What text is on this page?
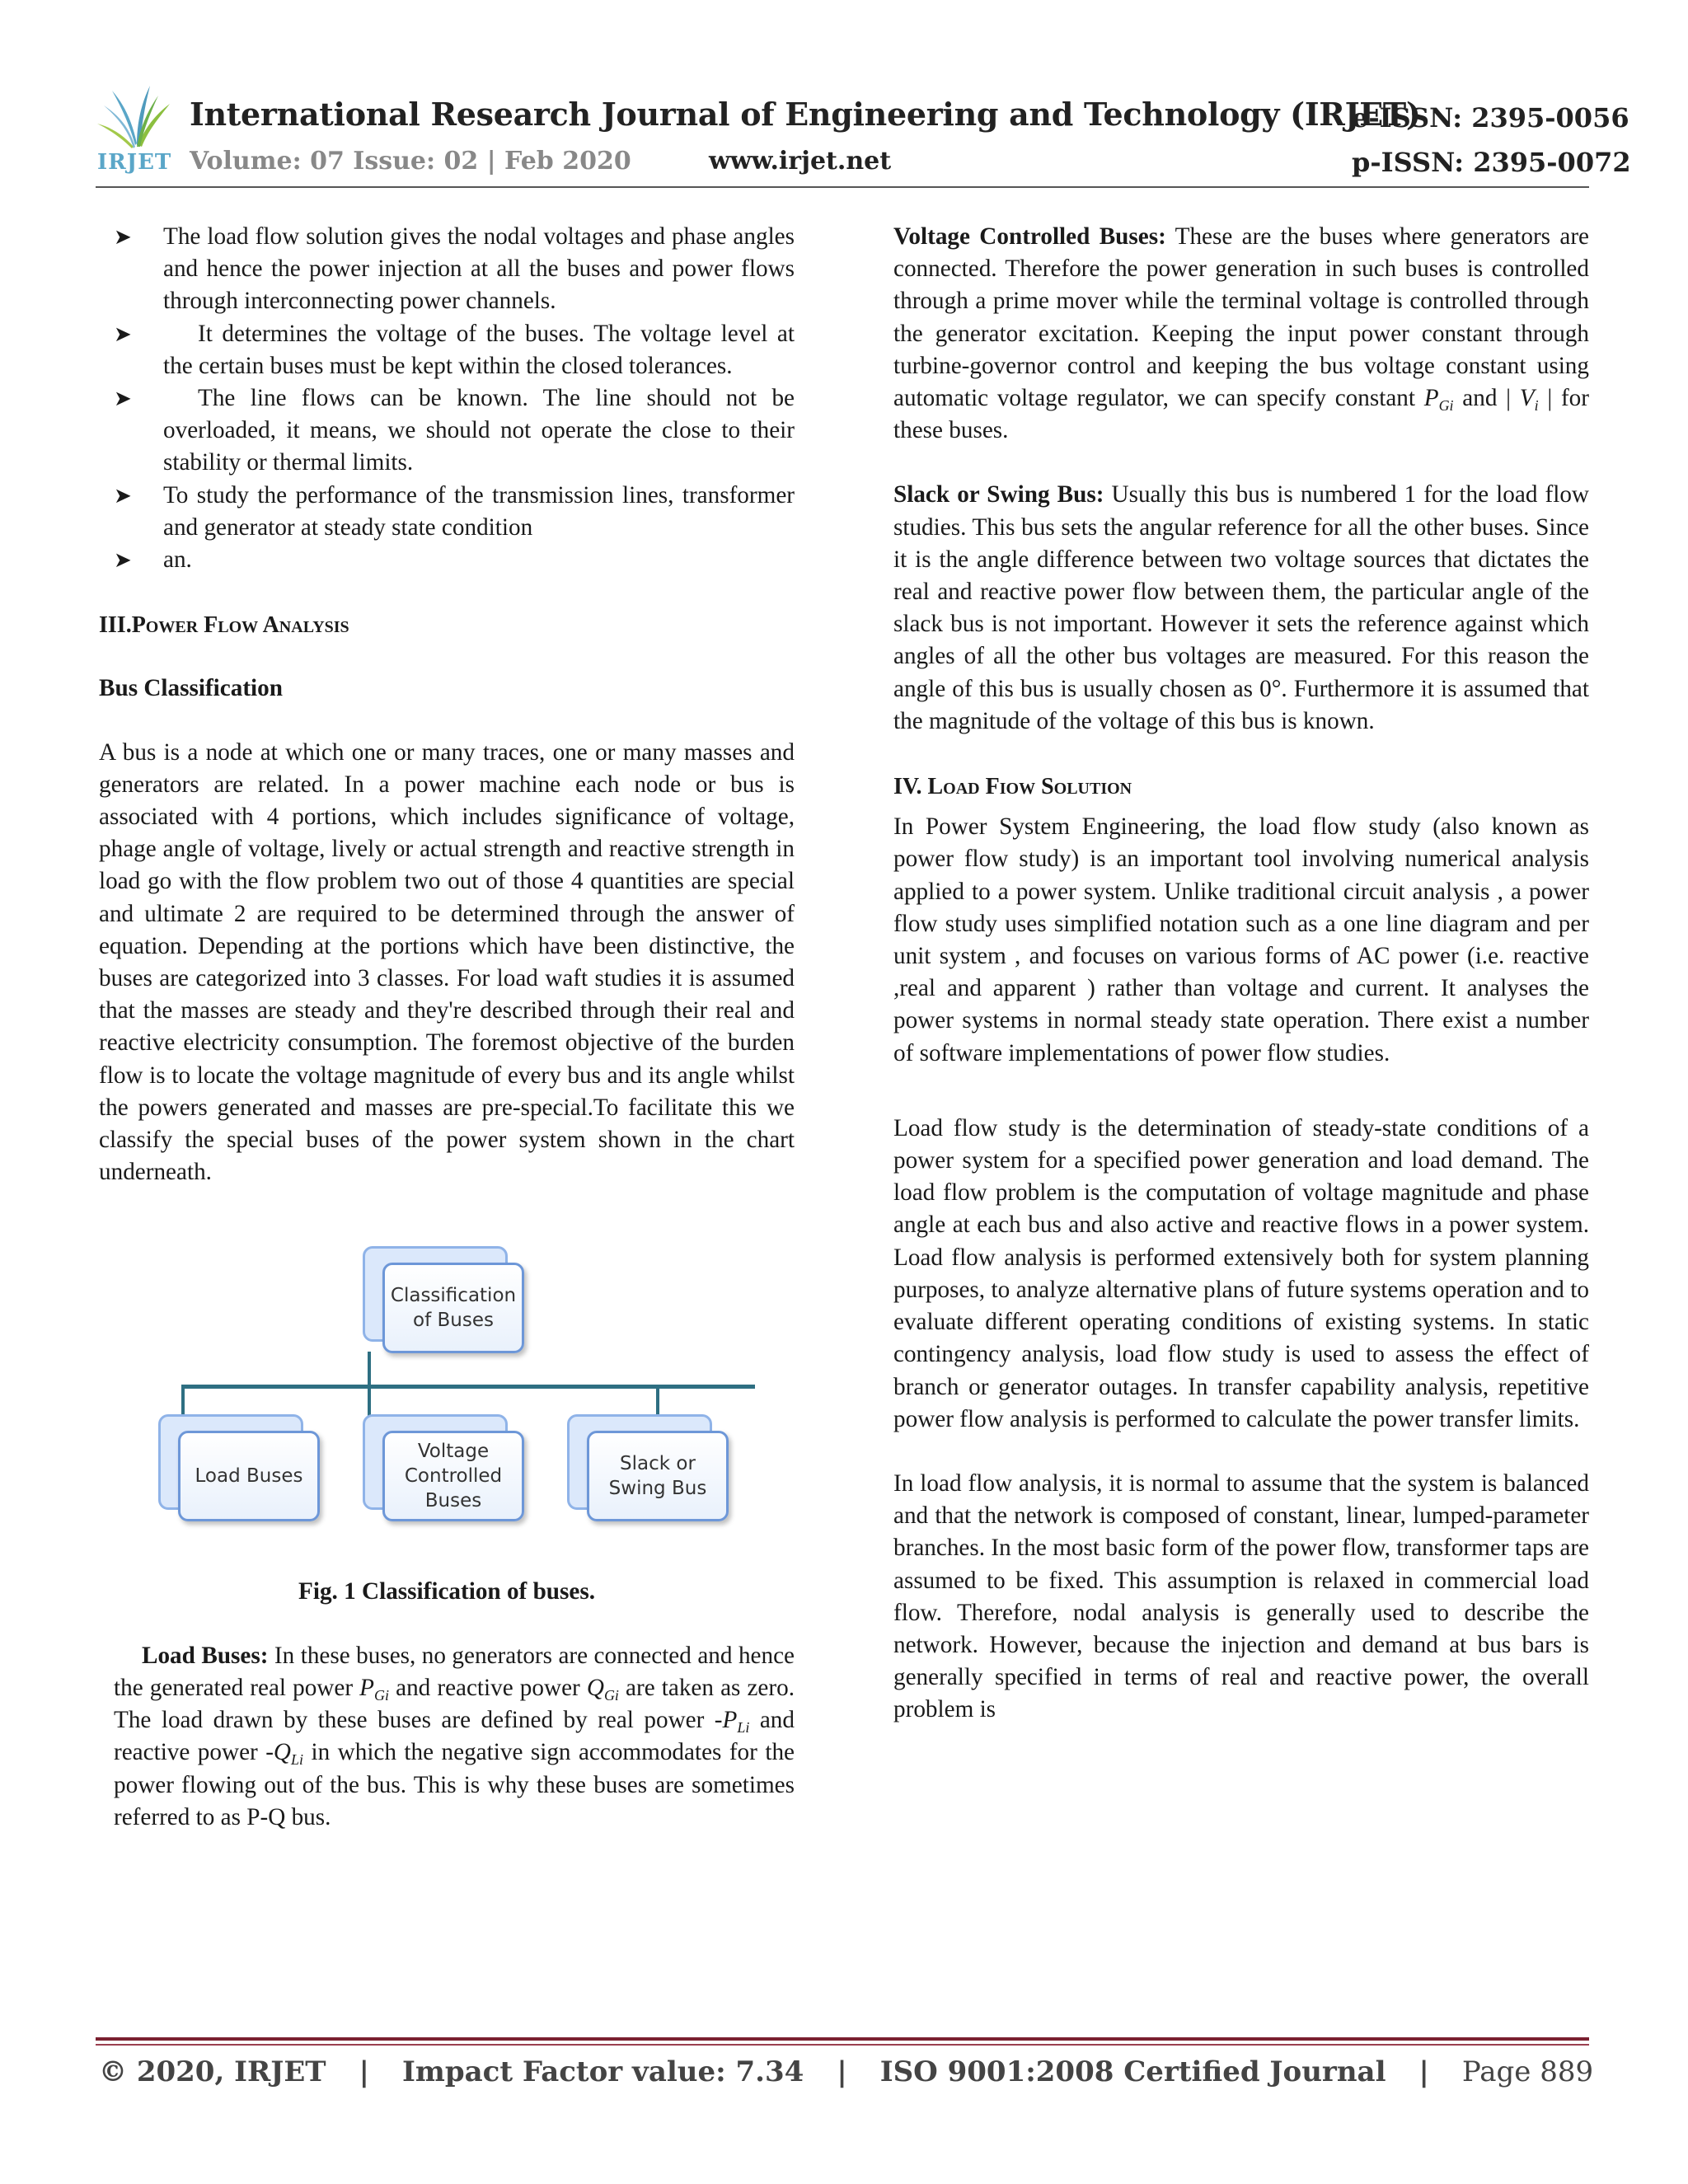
IRJET
International Research Journal of Engineering and Technology (IRJET)
e-ISSN: 2395-0056
Volume: 07 Issue: 02 | Feb 2020	www.irjet.net	p-ISSN: 2395-0072
➤ The load flow solution gives the nodal voltages and phase angles and hence the power injection at all the buses and power flows through interconnecting power channels.
➤	It determines the voltage of the buses. The voltage level at the certain buses must be kept within the closed tolerances.
➤	The line flows can be known. The line should not be overloaded, it means, we should not operate the close to their stability or thermal limits.
➤ To study the performance of the transmission lines, transformer and generator at steady state condition
➤ an.

III.Power Flow Analysis

Bus Classification

A bus is a node at which one or many traces, one or many masses and generators are related. In a power machine each node or bus is associated with 4 portions, which includes significance of voltage, phage angle of voltage, lively or actual strength and reactive strength in load go with the flow problem two out of those 4 quantities are special and ultimate 2 are required to be determined through the answer of equation. Depending at the portions which have been distinctive, the buses are categorized into 3 classes. For load waft studies it is assumed that the masses are steady and they're described through their real and reactive electricity consumption. The foremost objective of the burden flow is to locate the voltage magnitude of every bus and its angle whilst the powers generated and masses are pre-special.To facilitate this we classify the special buses of the power system shown in the chart underneath.

Classification of Buses
Load Buses
Voltage Controlled Buses
Slack or Swing Bus

Fig. 1 Classification of buses.

Load Buses: In these buses, no generators are connected and hence the generated real power $P_{Gi}$ and reactive power $Q_{Gi}$ are taken as zero. The load drawn by these buses are defined by real power $-P_{Li}$ and reactive power $-Q_{Li}$ in which the negative sign accommodates for the power flowing out of the bus. This is why these buses are sometimes referred to as P-Q bus.

Voltage Controlled Buses: These are the buses where generators are connected. Therefore the power generation in such buses is controlled through a prime mover while the terminal voltage is controlled through the generator excitation. Keeping the input power constant through turbine-governor control and keeping the bus voltage constant using automatic voltage regulator, we can specify constant $P_{Gi}$ and | $V_i$ | for these buses.

Slack or Swing Bus: Usually this bus is numbered 1 for the load flow studies. This bus sets the angular reference for all the other buses. Since it is the angle difference between two voltage sources that dictates the real and reactive power flow between them, the particular angle of the slack bus is not important. However it sets the reference against which angles of all the other bus voltages are measured. For this reason the angle of this bus is usually chosen as 0°. Furthermore it is assumed that the magnitude of the voltage of this bus is known.

IV. Load Fiow Solution

In Power System Engineering, the load flow study (also known as power flow study) is an important tool involving numerical analysis applied to a power system. Unlike traditional circuit analysis , a power flow study uses simplified notation such as a one line diagram and per unit system , and focuses on various forms of AC power (i.e. reactive ,real and apparent ) rather than voltage and current. It analyses the power systems in normal steady state operation. There exist a number of software implementations of power flow studies.

Load flow study is the determination of steady-state conditions of a power system for a specified power generation and load demand. The load flow problem is the computation of voltage magnitude and phase angle at each bus and also active and reactive flows in a power system. Load flow analysis is performed extensively both for system planning purposes, to analyze alternative plans of future systems operation and to evaluate different operating conditions of existing systems. In static contingency analysis, load flow study is used to assess the effect of branch or generator outages. In transfer capability analysis, repetitive power flow analysis is performed to calculate the power transfer limits.

In load flow analysis, it is normal to assume that the system is balanced and that the network is composed of constant, linear, lumped-parameter branches. In the most basic form of the power flow, transformer taps are assumed to be fixed. This assumption is relaxed in commercial load flow. Therefore, nodal analysis is generally used to describe the network. However, because the injection and demand at bus bars is generally specified in terms of real and reactive power, the overall problem is

© 2020, IRJET | Impact Factor value: 7.34 | ISO 9001:2008 Certified Journal | Page 889
